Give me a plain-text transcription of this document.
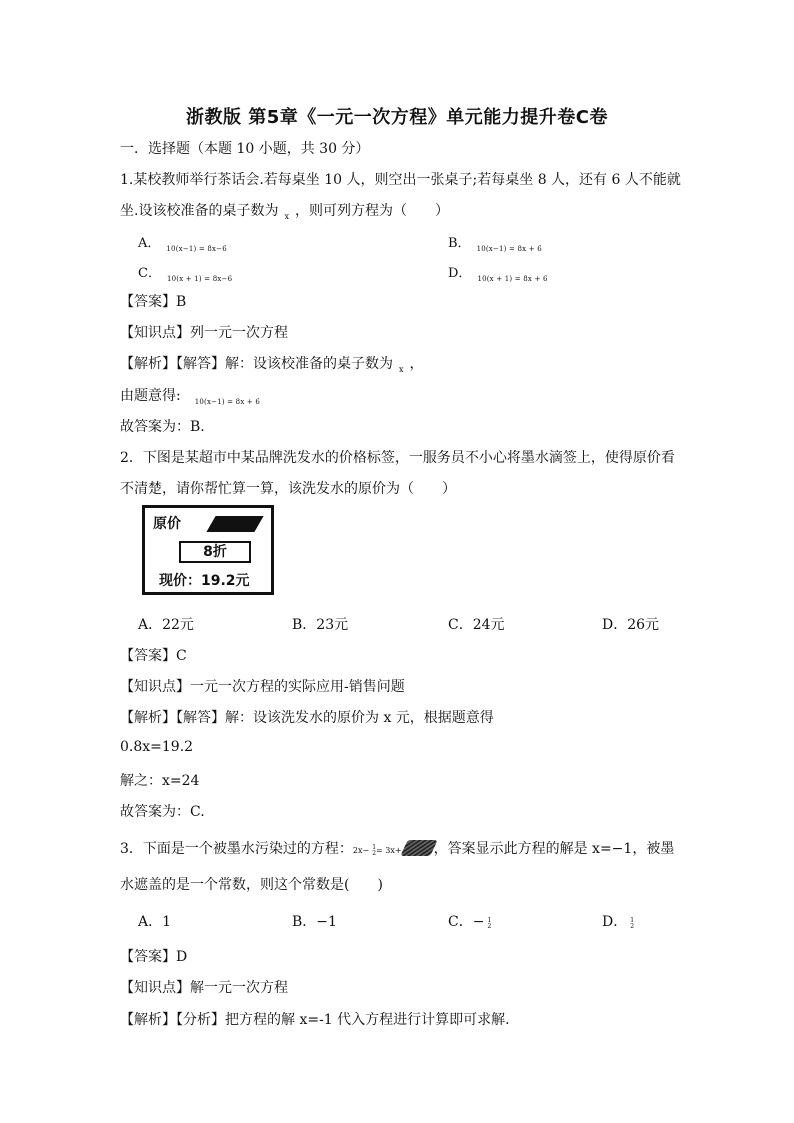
浙教版 第5章《一元一次方程》单元能力提升卷C卷
一．选择题（本题 10 小题，共 30 分）
1.某校教师举行茶话会.若每桌坐 10 人，则空出一张桌子;若每桌坐 8 人，还有 6 人不能就
坐.设该校准备的桌子数为 $_x$ ，则可列方程为（　　）
A． $_{10(x-1) = 8x-6}$	B． $_{10(x-1) = 8x + 6}$
C． $_{10(x + 1) = 8x-6}$	D． $_{10(x + 1) = 8x + 6}$
【答案】B
【知识点】列一元一次方程
【解析】【解答】解：设该校准备的桌子数为 $_x$ ，
由题意得: $_{10(x-1) = 8x + 6}$
故答案为：B.
2．下图是某超市中某品牌洗发水的价格标签，一服务员不小心将墨水滴签上，使得原价看
不清楚，请你帮忙算一算，该洗发水的原价为（　　）
原价
8折
现价：19.2元
A．22元	B．23元	C．24元	D．26元
【答案】C
【知识点】一元一次方程的实际应用-销售问题
【解析】【解答】解：设该洗发水的原价为 x 元，根据题意得
0.8x=19.2
解之：x=24
故答案为：C.
3．下面是一个被墨水污染过的方程：2x− 1
2 = 3x+ ，答案显示此方程的解是 x=−1，被墨
水遮盖的是一个常数，则这个常数是(　　)
A．1	B．−1	C．− 1
2	D． 1
2
【答案】D
【知识点】解一元一次方程
【解析】【分析】把方程的解 x=-1 代入方程进行计算即可求解.
